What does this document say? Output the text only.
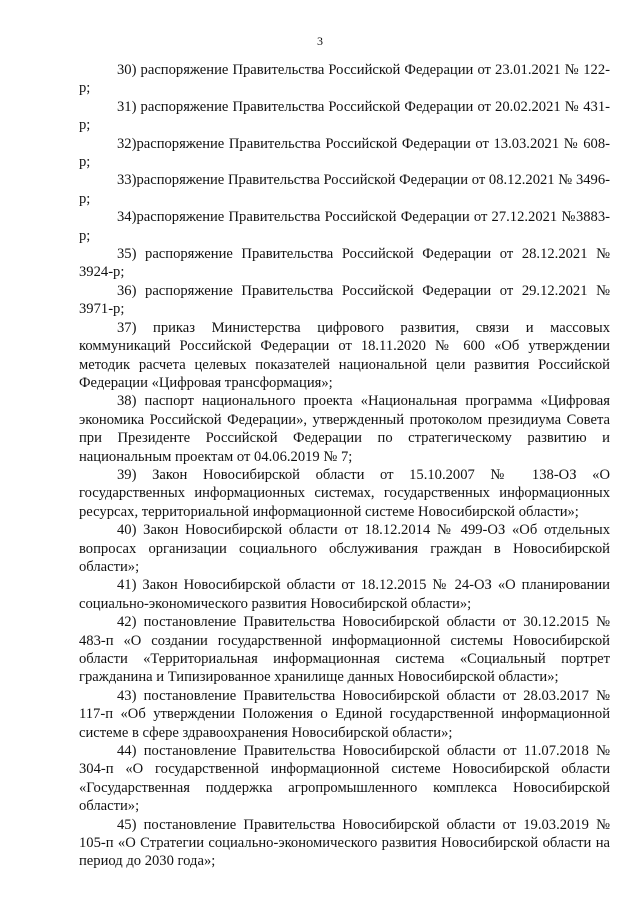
3

30) распоряжение Правительства Российской Федерации от 23.01.2021 № 122-р;

31) распоряжение Правительства Российской Федерации от 20.02.2021 № 431-р;

32)распоряжение Правительства Российской Федерации от 13.03.2021 № 608-р;

33)распоряжение Правительства Российской Федерации от 08.12.2021 № 3496-р;

34)распоряжение Правительства Российской Федерации от 27.12.2021 №3883-р;

35) распоряжение Правительства Российской Федерации от 28.12.2021 № 3924-р;

36) распоряжение Правительства Российской Федерации от 29.12.2021 № 3971-р;

37) приказ Министерства цифрового развития, связи и массовых коммуникаций Российской Федерации от 18.11.2020 № 600 «Об утверждении методик расчета целевых показателей национальной цели развития Российской Федерации «Цифровая трансформация»;

38) паспорт национального проекта «Национальная программа «Цифровая экономика Российской Федерации», утвержденный протоколом президиума Совета при Президенте Российской Федерации по стратегическому развитию и национальным проектам от 04.06.2019 № 7;

39) Закон Новосибирской области от 15.10.2007 № 138-ОЗ «О государственных информационных системах, государственных информационных ресурсах, территориальной информационной системе Новосибирской области»;

40) Закон Новосибирской области от 18.12.2014 № 499-ОЗ «Об отдельных вопросах организации социального обслуживания граждан в Новосибирской области»;

41) Закон Новосибирской области от 18.12.2015 № 24-ОЗ «О планировании социально-экономического развития Новосибирской области»;

42) постановление Правительства Новосибирской области от 30.12.2015 № 483-п «О создании государственной информационной системы Новосибирской области «Территориальная информационная система «Социальный портрет гражданина и Типизированное хранилище данных Новосибирской области»;

43) постановление Правительства Новосибирской области от 28.03.2017 № 117-п «Об утверждении Положения о Единой государственной информационной системе в сфере здравоохранения Новосибирской области»;

44) постановление Правительства Новосибирской области от 11.07.2018 № 304-п «О государственной информационной системе Новосибирской области «Государственная поддержка агропромышленного комплекса Новосибирской области»;

45) постановление Правительства Новосибирской области от 19.03.2019 № 105-п «О Стратегии социально-экономического развития Новосибирской области на период до 2030 года»;
